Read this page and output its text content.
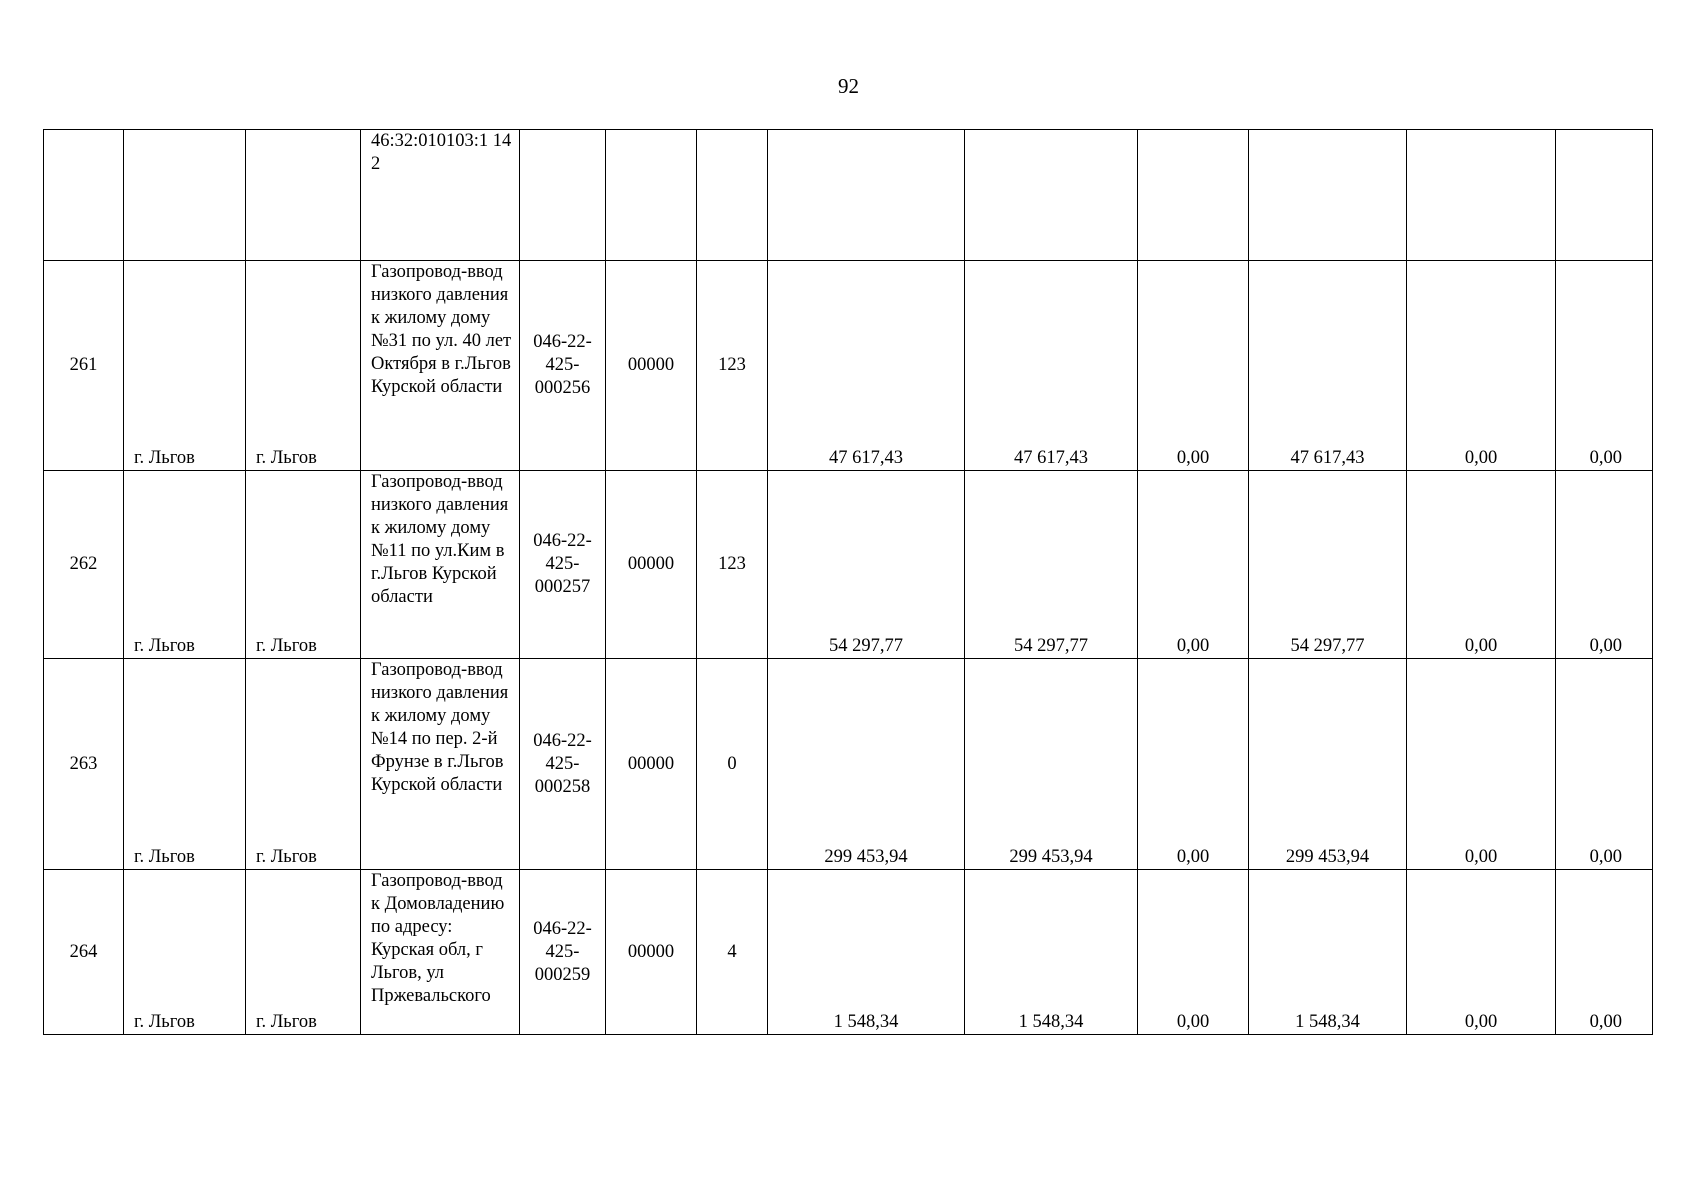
92
			46:32:010103:1 142									
261	г. Льгов	г. Льгов	Газопровод-ввод низкого давления к жилому дому №31 по ул. 40 лет Октября в г.Льгов Курской области	046-22-425-000256	00000	123	47 617,43	47 617,43	0,00	47 617,43	0,00	0,00
262	г. Льгов	г. Льгов	Газопровод-ввод низкого давления к жилому дому №11 по ул.Ким в г.Льгов Курской области	046-22-425-000257	00000	123	54 297,77	54 297,77	0,00	54 297,77	0,00	0,00
263	г. Льгов	г. Льгов	Газопровод-ввод низкого давления к жилому дому №14 по пер. 2-й Фрунзе в г.Льгов Курской области	046-22-425-000258	00000	0	299 453,94	299 453,94	0,00	299 453,94	0,00	0,00
264	г. Льгов	г. Льгов	Газопровод-ввод к Домовладению по адресу: Курская обл, г Льгов, ул Пржевальского	046-22-425-000259	00000	4	1 548,34	1 548,34	0,00	1 548,34	0,00	0,00
